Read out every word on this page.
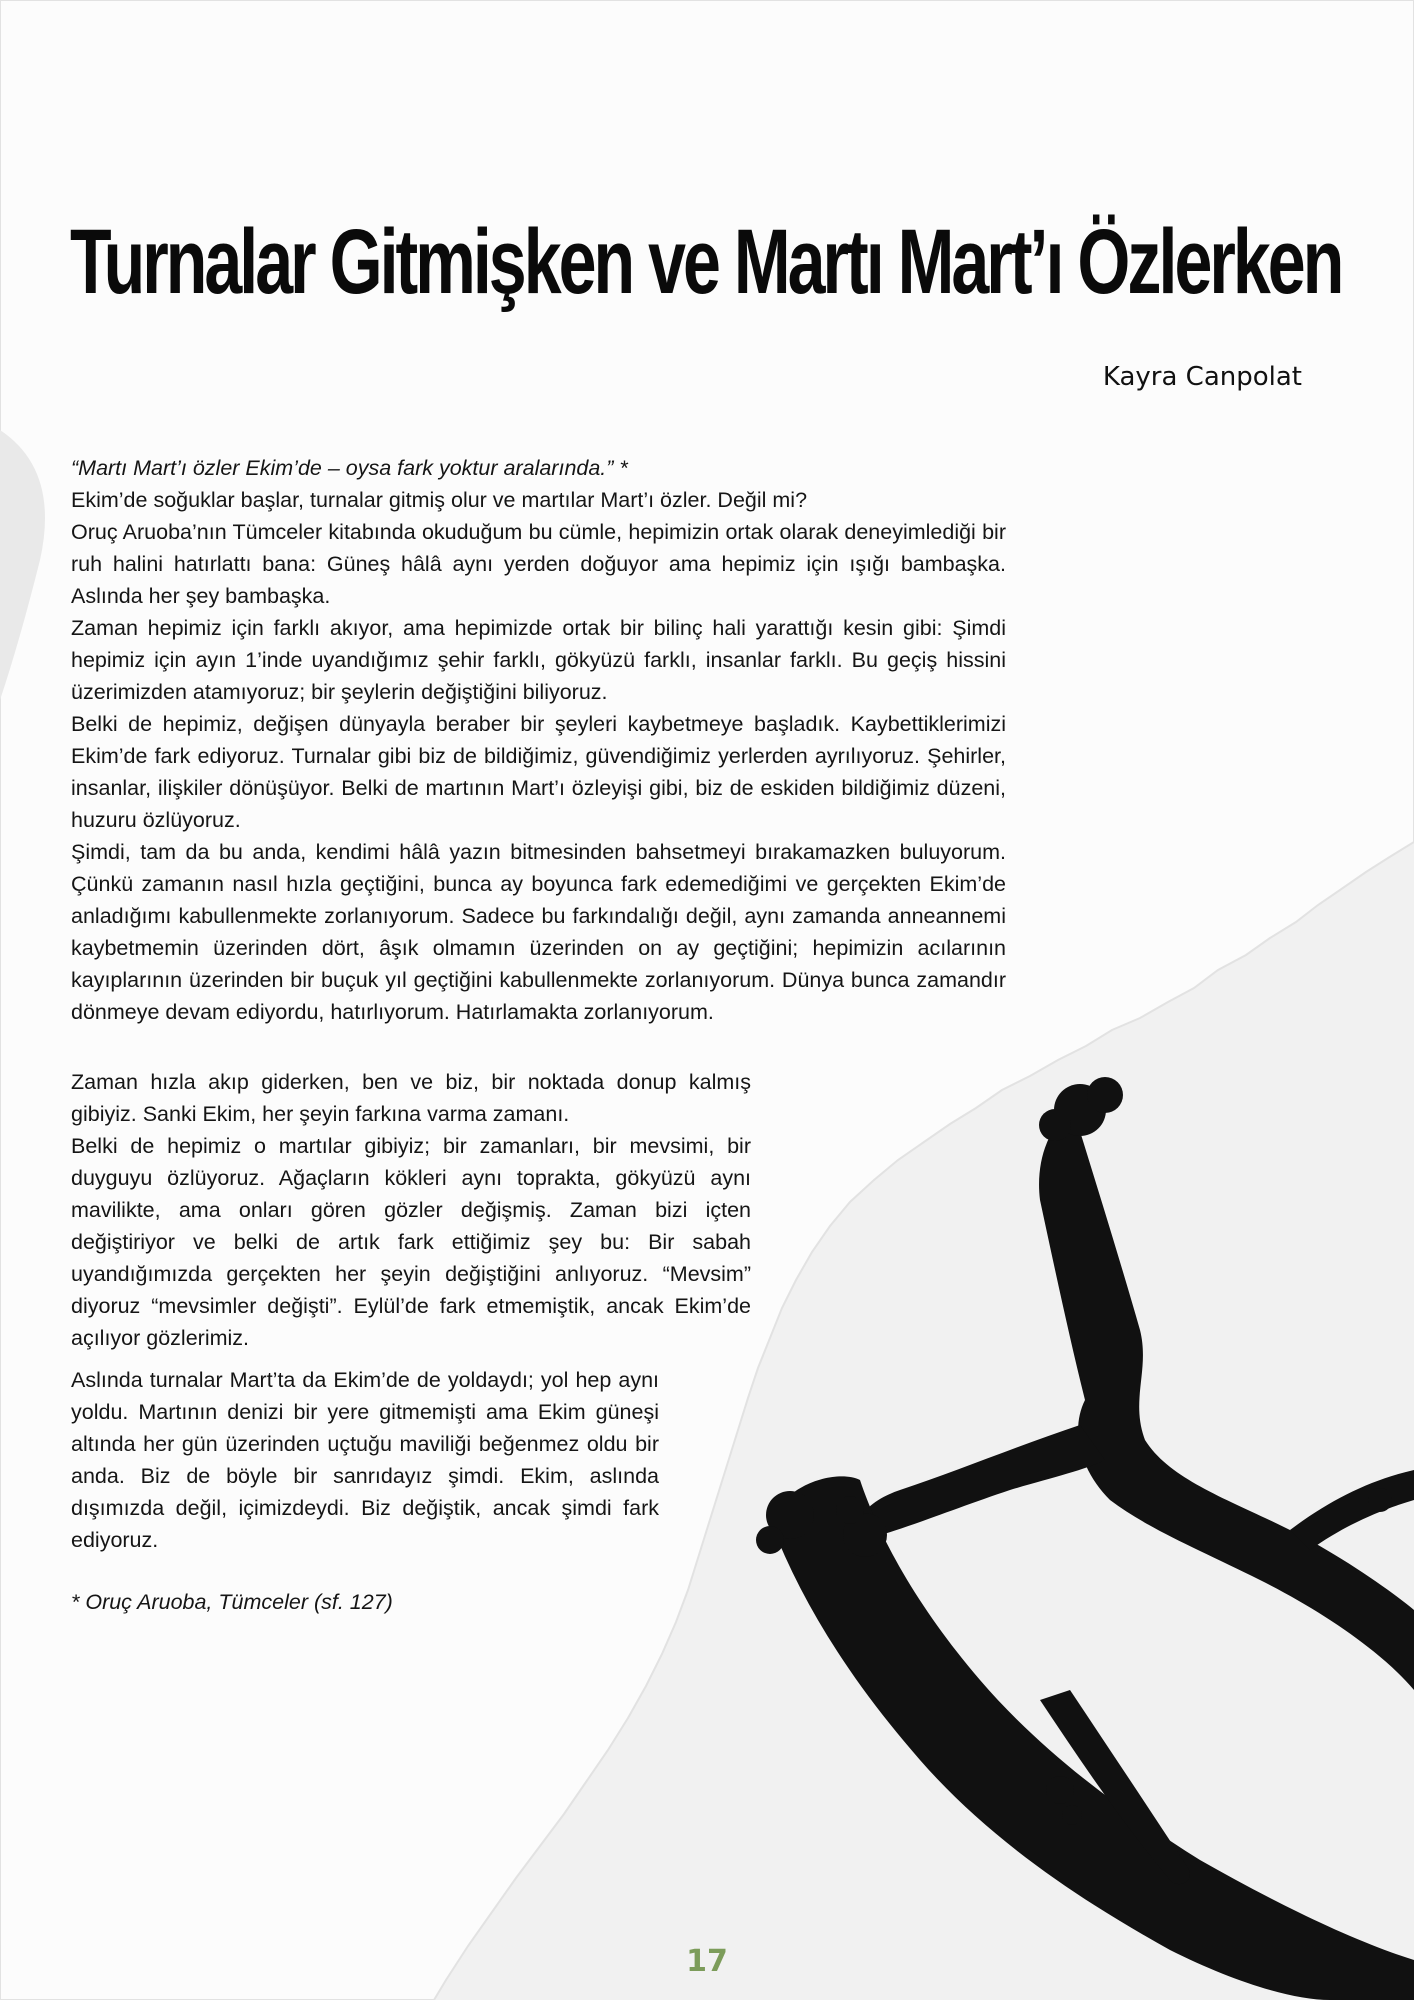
Turnalar Gitmişken ve Martı Mart’ı Özlerken
Kayra Canpolat

“Martı Mart’ı özler Ekim’de – oysa fark yoktur aralarında.” *

Ekim’de soğuklar başlar, turnalar gitmiş olur ve martılar Mart’ı özler. Değil mi?

Oruç Aruoba’nın Tümceler kitabında okuduğum bu cümle, hepimizin ortak olarak deneyimlediği bir ruh halini hatırlattı bana: Güneş hâlâ aynı yerden doğuyor ama hepimiz için ışığı bambaşka. Aslında her şey bambaşka.

Zaman hepimiz için farklı akıyor, ama hepimizde ortak bir bilinç hali yarattığı kesin gibi: Şimdi hepimiz için ayın 1’inde uyandığımız şehir farklı, gökyüzü farklı, insanlar farklı. Bu geçiş hissini üzerimizden atamıyoruz; bir şeylerin değiştiğini biliyoruz.

Belki de hepimiz, değişen dünyayla beraber bir şeyleri kaybetmeye başladık. Kaybettiklerimizi Ekim’de fark ediyoruz. Turnalar gibi biz de bildiğimiz, güvendiğimiz yerlerden ayrılıyoruz. Şehirler, insanlar, ilişkiler dönüşüyor. Belki de martının Mart’ı özleyişi gibi, biz de eskiden bildiğimiz düzeni, huzuru özlüyoruz.

Şimdi, tam da bu anda, kendimi hâlâ yazın bitmesinden bahsetmeyi bırakamazken buluyorum. Çünkü zamanın nasıl hızla geçtiğini, bunca ay boyunca fark edemediğimi ve gerçekten Ekim’de anladığımı kabullenmekte zorlanıyorum. Sadece bu farkındalığı değil, aynı zamanda anneannemi kaybetmemin üzerinden dört, âşık olmamın üzerinden on ay geçtiğini; hepimizin acılarının kayıplarının üzerinden bir buçuk yıl geçtiğini kabullenmekte zorlanıyorum. Dünya bunca zamandır dönmeye devam ediyordu, hatırlıyorum. Hatırlamakta zorlanıyorum.

Zaman hızla akıp giderken, ben ve biz, bir noktada donup kalmış gibiyiz. Sanki Ekim, her şeyin farkına varma zamanı.

Belki de hepimiz o martılar gibiyiz; bir zamanları, bir mevsimi, bir duyguyu özlüyoruz. Ağaçların kökleri aynı toprakta, gökyüzü aynı mavilikte, ama onları gören gözler değişmiş. Zaman bizi içten değiştiriyor ve belki de artık fark ettiğimiz şey bu: Bir sabah uyandığımızda gerçekten her şeyin değiştiğini anlıyoruz. “Mevsim” diyoruz “mevsimler değişti”. Eylül’de fark etmemiştik, ancak Ekim’de açılıyor gözlerimiz.

Aslında turnalar Mart’ta da Ekim’de de yoldaydı; yol hep aynı yoldu. Martının denizi bir yere gitmemişti ama Ekim güneşi altında her gün üzerinden uçtuğu maviliği beğenmez oldu bir anda. Biz de böyle bir sanrıdayız şimdi. Ekim, aslında dışımızda değil, içimizdeydi. Biz değiştik, ancak şimdi fark ediyoruz.

* Oruç Aruoba, Tümceler (sf. 127)

17
